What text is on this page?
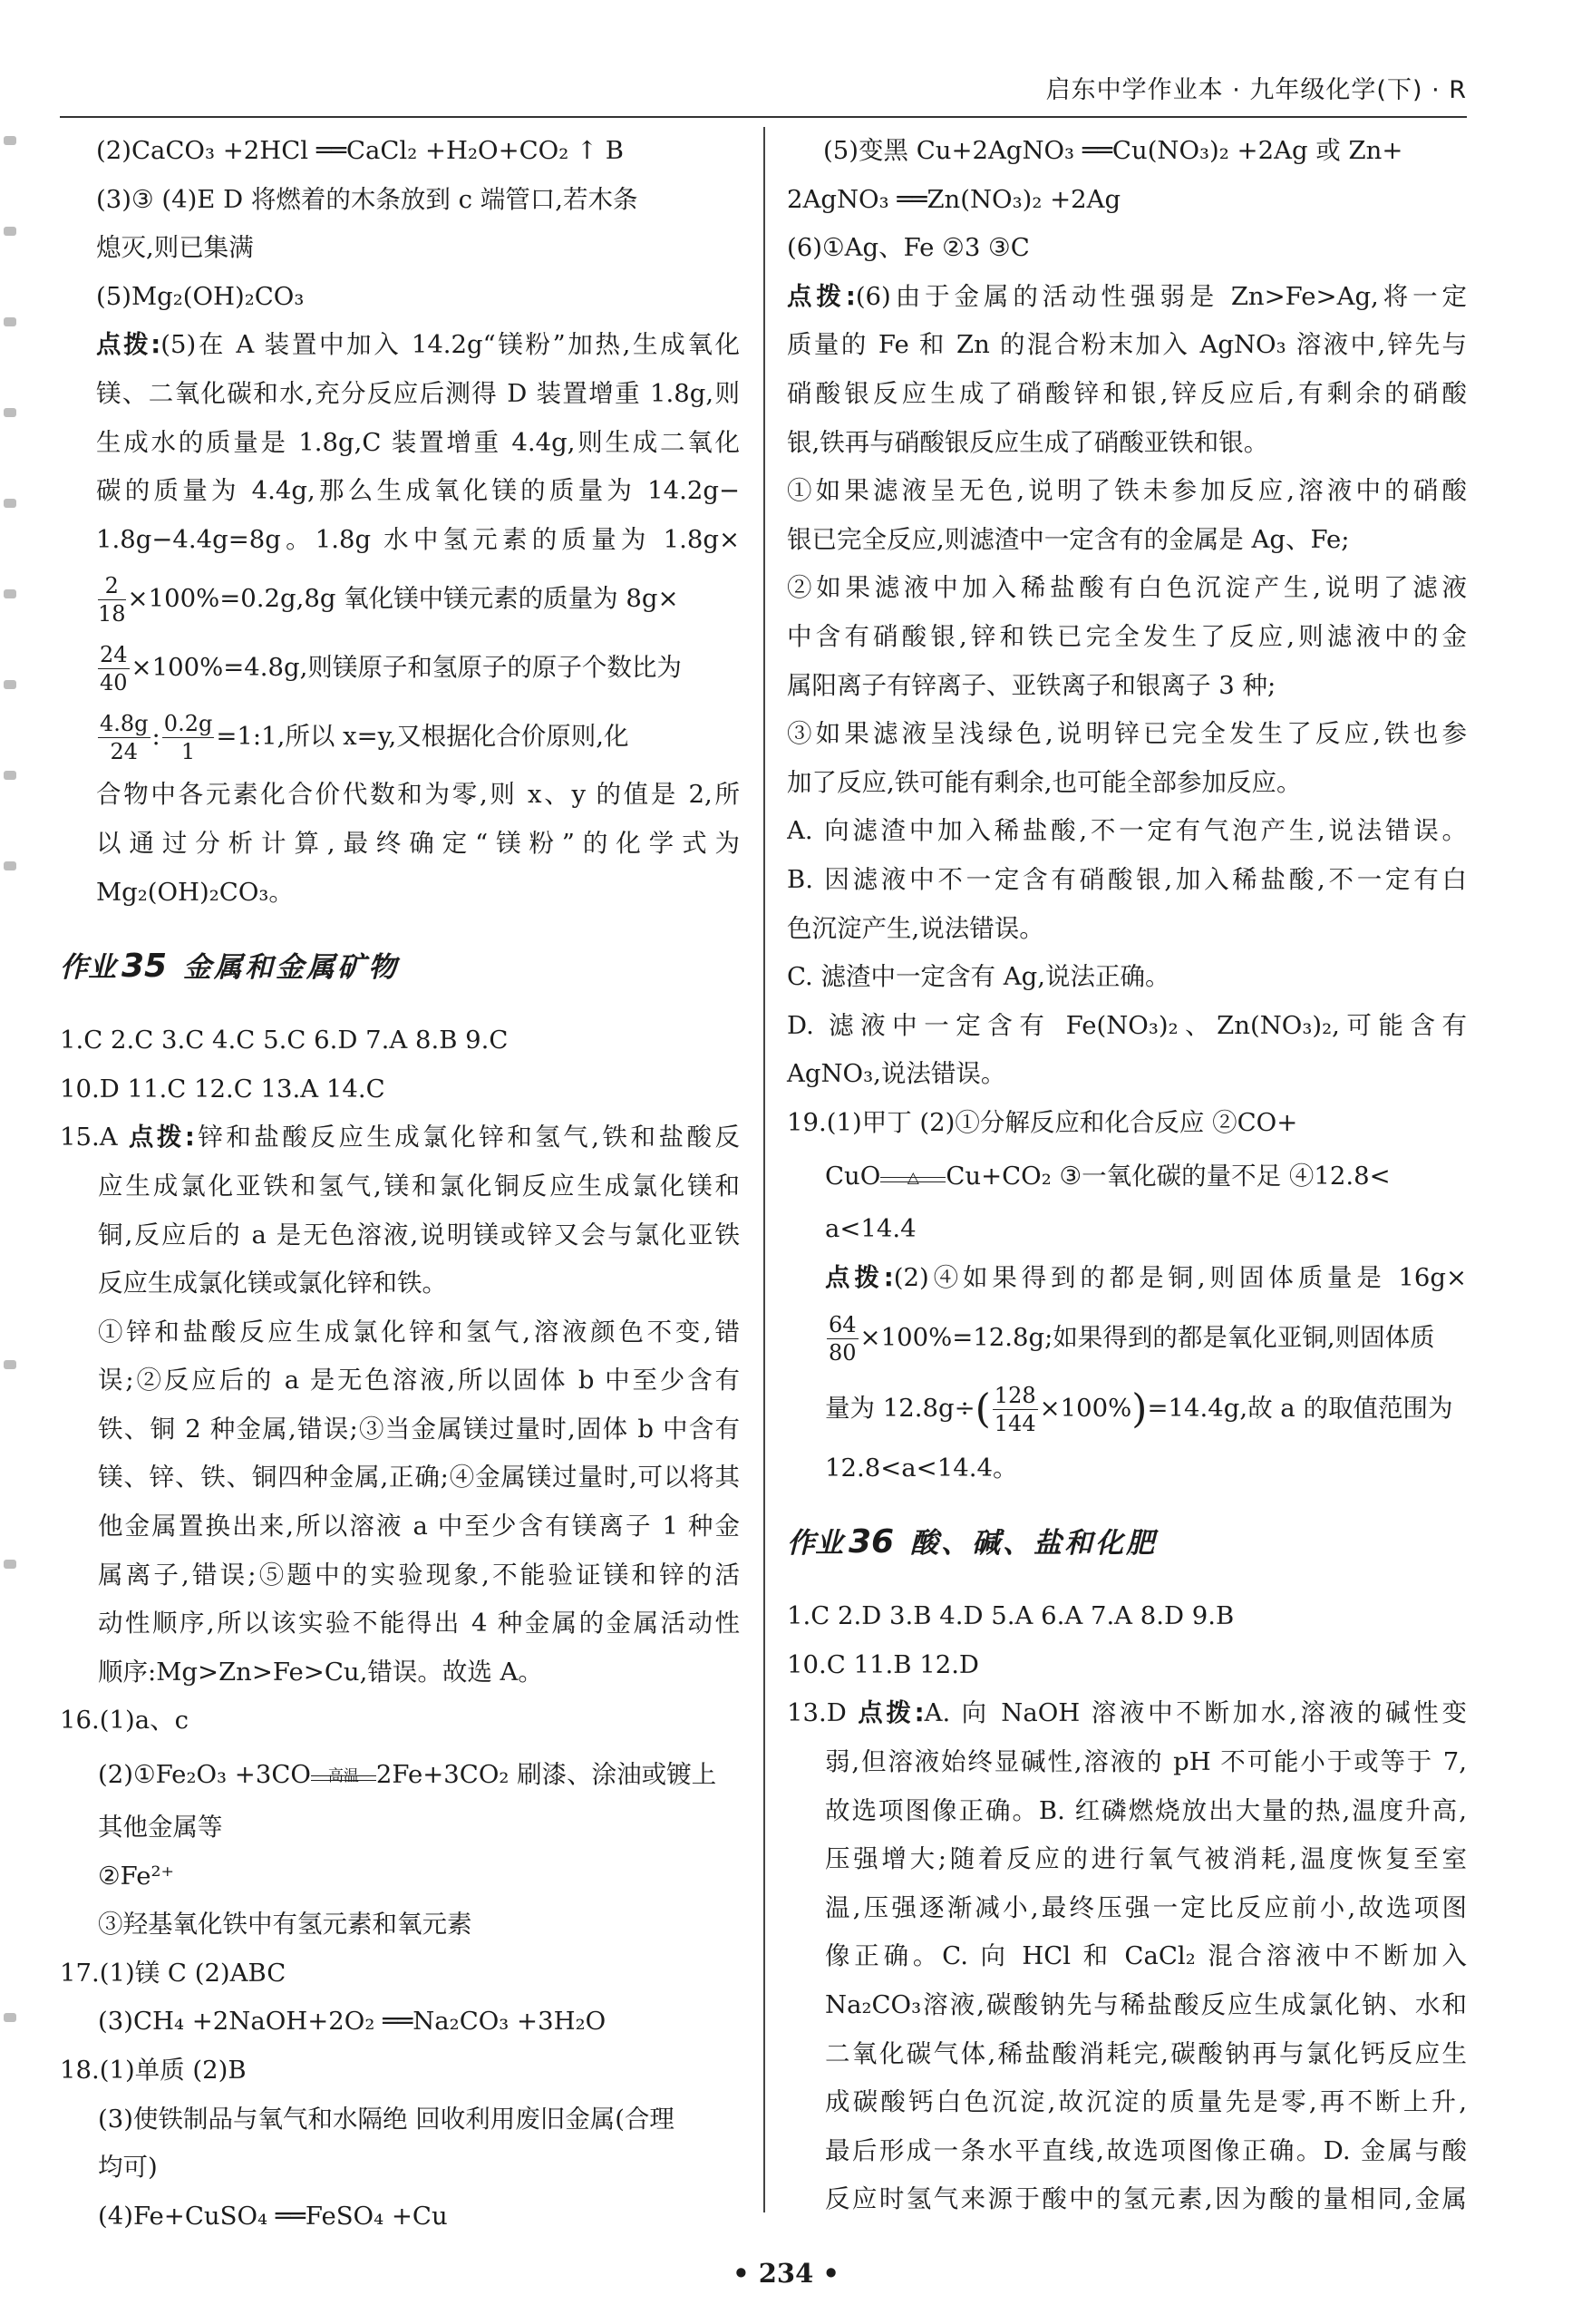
启东中学作业本 · 九年级化学(下) · R
(2)CaCO₃ +2HCl ══CaCl₂ +H₂O+CO₂ ↑ B
(3)③ (4)E D 将燃着的木条放到 c 端管口,若木条
熄灭,则已集满
(5)Mg₂(OH)₂CO₃
点拨:(5)在 A 装置中加入 14.2g“镁粉”加热,生成氧化
镁、二氧化碳和水,充分反应后测得 D 装置增重 1.8g,则
生成水的质量是 1.8g,C 装置增重 4.4g,则生成二氧化
碳的质量为 4.4g,那么生成氧化镁的质量为 14.2g−
1.8g−4.4g=8g。1.8g 水中氢元素的质量为 1.8g×
$\frac{2}{18} \times 100\%=0.2g,8g$ 氧化镁中镁元素的质量为 8g×
$\frac{24}{40} \times 100\%=4.8g$,则镁原子和氢原子的原子个数比为
$\frac{4.8g}{24}$ : $\frac{0.2g}{1}$ =1:1,所以 x=y,又根据化合价原则,化
合物中各元素化合价代数和为零,则 x、y 的值是 2,所
以通过分析计算,最终确定“镁粉”的化学式为
Mg₂(OH)₂CO₃。
作业 35 金属和金属矿物
1.C 2.C 3.C 4.C 5.C 6.D 7.A 8.B 9.C
10.D 11.C 12.C 13.A 14.C
15.A 点拨:锌和盐酸反应生成氯化锌和氢气,铁和盐酸反
应生成氯化亚铁和氢气,镁和氯化铜反应生成氯化镁和
铜,反应后的 a 是无色溶液,说明镁或锌又会与氯化亚铁
反应生成氯化镁或氯化锌和铁。
①锌和盐酸反应生成氯化锌和氢气,溶液颜色不变,错
误;②反应后的 a 是无色溶液,所以固体 b 中至少含有
铁、铜 2 种金属,错误;③当金属镁过量时,固体 b 中含有
镁、锌、铁、铜四种金属,正确;④金属镁过量时,可以将其
他金属置换出来,所以溶液 a 中至少含有镁离子 1 种金
属离子,错误;⑤题中的实验现象,不能验证镁和锌的活
动性顺序,所以该实验不能得出 4 种金属的金属活动性
顺序:Mg>Zn>Fe>Cu,错误。故选 A。
16.(1)a、c
(2)①Fe₂O₃ +3CO	高温 2Fe+3CO₂ 刷漆、涂油或镀上
其他金属等
②Fe²⁺
③羟基氧化铁中有氢元素和氧元素
17.(1)镁 C (2)ABC
(3)CH₄ +2NaOH+2O₂ ══Na₂CO₃ +3H₂O
18.(1)单质 (2)B
(3)使铁制品与氧气和水隔绝 回收利用废旧金属(合理
均可)
(4)Fe+CuSO₄ ══FeSO₄ +Cu
(5)变黑 Cu+2AgNO₃ ══Cu(NO₃)₂ +2Ag 或 Zn+
2AgNO₃ ══Zn(NO₃)₂ +2Ag
(6)①Ag、Fe ②3 ③C
点拨:(6)由于金属的活动性强弱是 Zn>Fe>Ag,将一定
质量的 Fe 和 Zn 的混合粉末加入 AgNO₃ 溶液中,锌先与
硝酸银反应生成了硝酸锌和银,锌反应后,有剩余的硝酸
银,铁再与硝酸银反应生成了硝酸亚铁和银。
①如果滤液呈无色,说明了铁未参加反应,溶液中的硝酸
银已完全反应,则滤渣中一定含有的金属是 Ag、Fe;
②如果滤液中加入稀盐酸有白色沉淀产生,说明了滤液
中含有硝酸银,锌和铁已完全发生了反应,则滤液中的金
属阳离子有锌离子、亚铁离子和银离子 3 种;
③如果滤液呈浅绿色,说明锌已完全发生了反应,铁也参
加了反应,铁可能有剩余,也可能全部参加反应。
A. 向滤渣中加入稀盐酸,不一定有气泡产生,说法错误。
B. 因滤液中不一定含有硝酸银,加入稀盐酸,不一定有白
色沉淀产生,说法错误。
C. 滤渣中一定含有 Ag,说法正确。
D. 滤液中一定含有 Fe(NO₃)₂、Zn(NO₃)₂,可能含有
AgNO₃,说法错误。
19.(1)甲丁 (2)①分解反应和化合反应 ②CO+
CuO	△	Cu+CO₂ ③一氧化碳的量不足 ④12.8<
a<14.4
点拨:(2)④如果得到的都是铜,则固体质量是 16g×
$\frac{64}{80} \times 100\%=12.8g$;如果得到的都是氧化亚铜,则固体质
量为 $12.8g\div( \frac{128}{144} \times 100\%)=14.4g$,故 a 的取值范围为
12.8<a<14.4。
作业 36 酸、碱、盐和化肥
1.C 2.D 3.B 4.D 5.A 6.A 7.A 8.D 9.B
10.C 11.B 12.D
13.D 点拨:A. 向 NaOH 溶液中不断加水,溶液的碱性变
弱,但溶液始终显碱性,溶液的 pH 不可能小于或等于 7,
故选项图像正确。B. 红磷燃烧放出大量的热,温度升高,
压强增大;随着反应的进行氧气被消耗,温度恢复至室
温,压强逐渐减小,最终压强一定比反应前小,故选项图
像正确。C. 向 HCl 和 CaCl₂ 混合溶液中不断加入
Na₂CO₃溶液,碳酸钠先与稀盐酸反应生成氯化钠、水和
二氧化碳气体,稀盐酸消耗完,碳酸钠再与氯化钙反应生
成碳酸钙白色沉淀,故沉淀的质量先是零,再不断上升,
最后形成一条水平直线,故选项图像正确。D. 金属与酸
反应时氢气来源于酸中的氢元素,因为酸的量相同,金属
• 234 •
